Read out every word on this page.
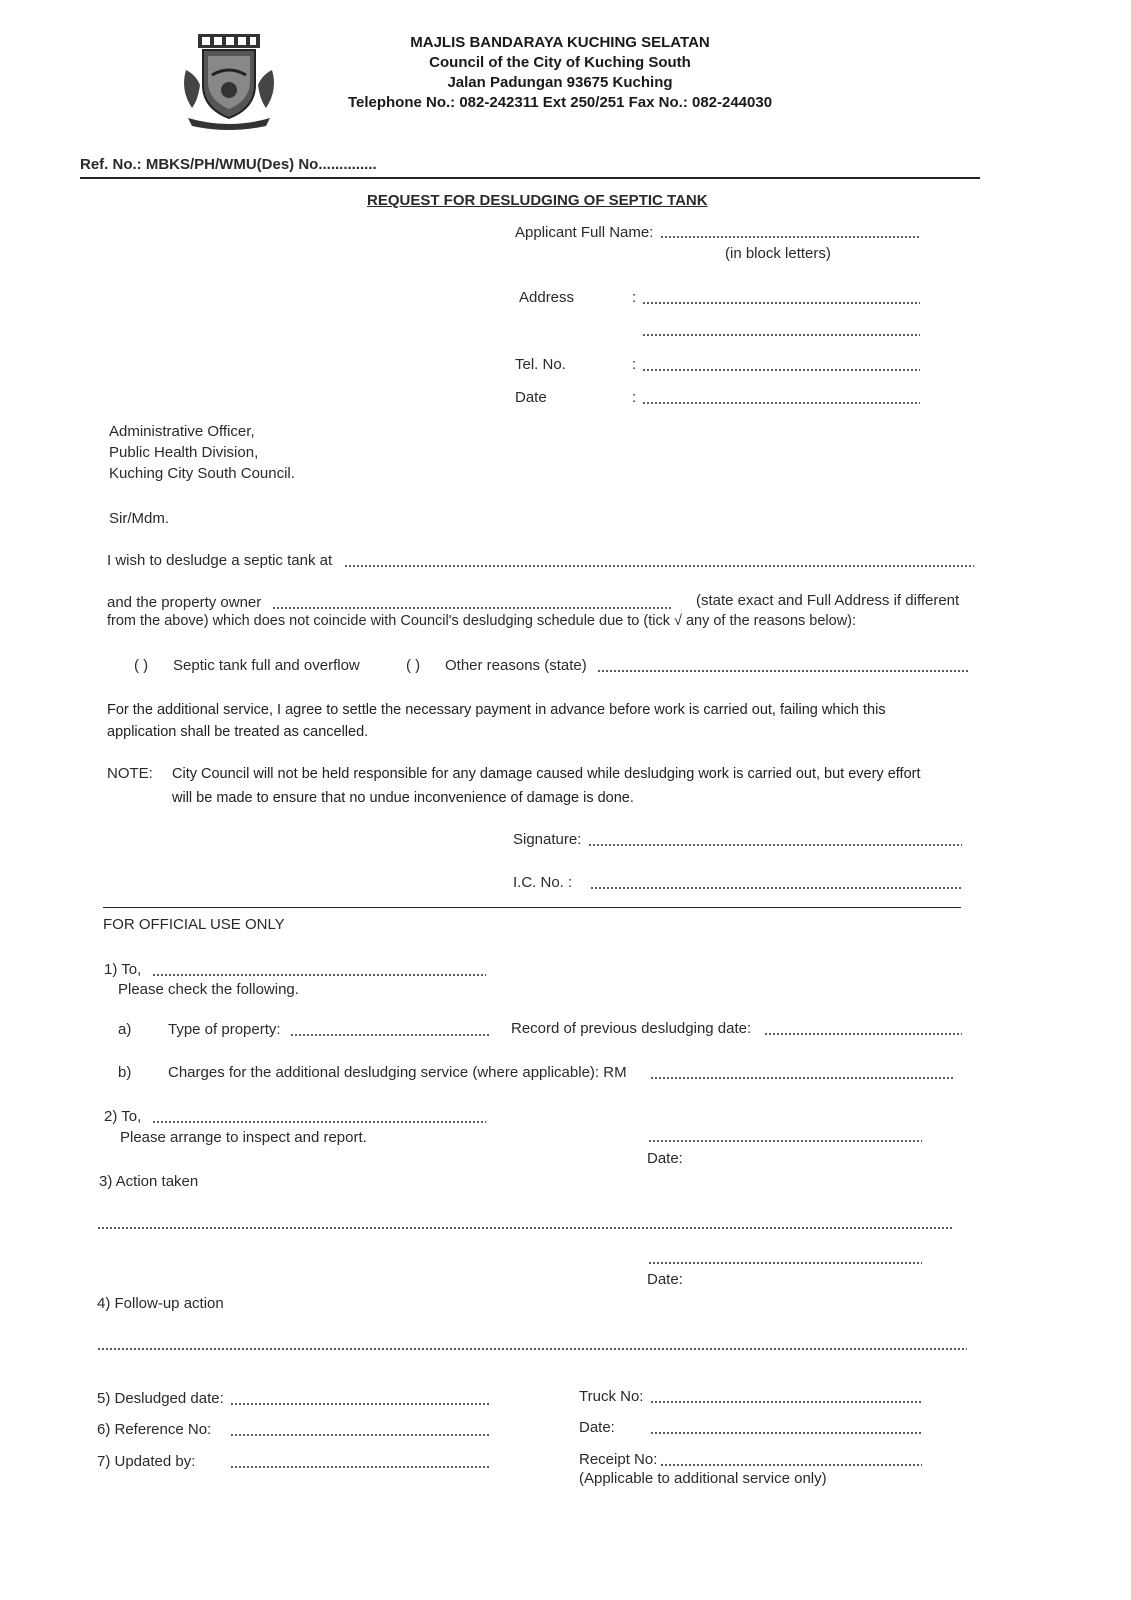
MAJLIS BANDARAYA KUCHING SELATAN
Council of the City of Kuching South
Jalan Padungan 93675 Kuching
Telephone No.: 082-242311 Ext 250/251 Fax No.: 082-244030
Ref. No.: MBKS/PH/WMU(Des) No..............
REQUEST FOR DESLUDGING OF SEPTIC TANK
Applicant Full Name:
(in block letters)
Address	:
Tel. No.	:
Date	:
Administrative Officer,
Public Health Division,
Kuching City South Council.
Sir/Mdm.
I wish to desludge a septic tank at
and the property owner	(state exact and Full Address if different
from the above) which does not coincide with Council's desludging schedule due to (tick √ any of the reasons below):
( ) Septic tank full and overflow	( ) Other reasons (state)
For the additional service, I agree to settle the necessary payment in advance before work is carried out, failing which this
application shall be treated as cancelled.
NOTE: City Council will not be held responsible for any damage caused while desludging work is carried out, but every effort
will be made to ensure that no undue inconvenience of damage is done.
Signature:
I.C. No. :
FOR OFFICIAL USE ONLY
1) To,
Please check the following.
a) Type of property:	Record of previous desludging date:
b) Charges for the additional desludging service (where applicable): RM
2) To,
Please arrange to inspect and report.
Date:
3) Action taken
Date:
4) Follow-up action
5) Desludged date:	Truck No:
6) Reference No:	Date:
7) Updated by:	Receipt No:
(Applicable to additional service only)
